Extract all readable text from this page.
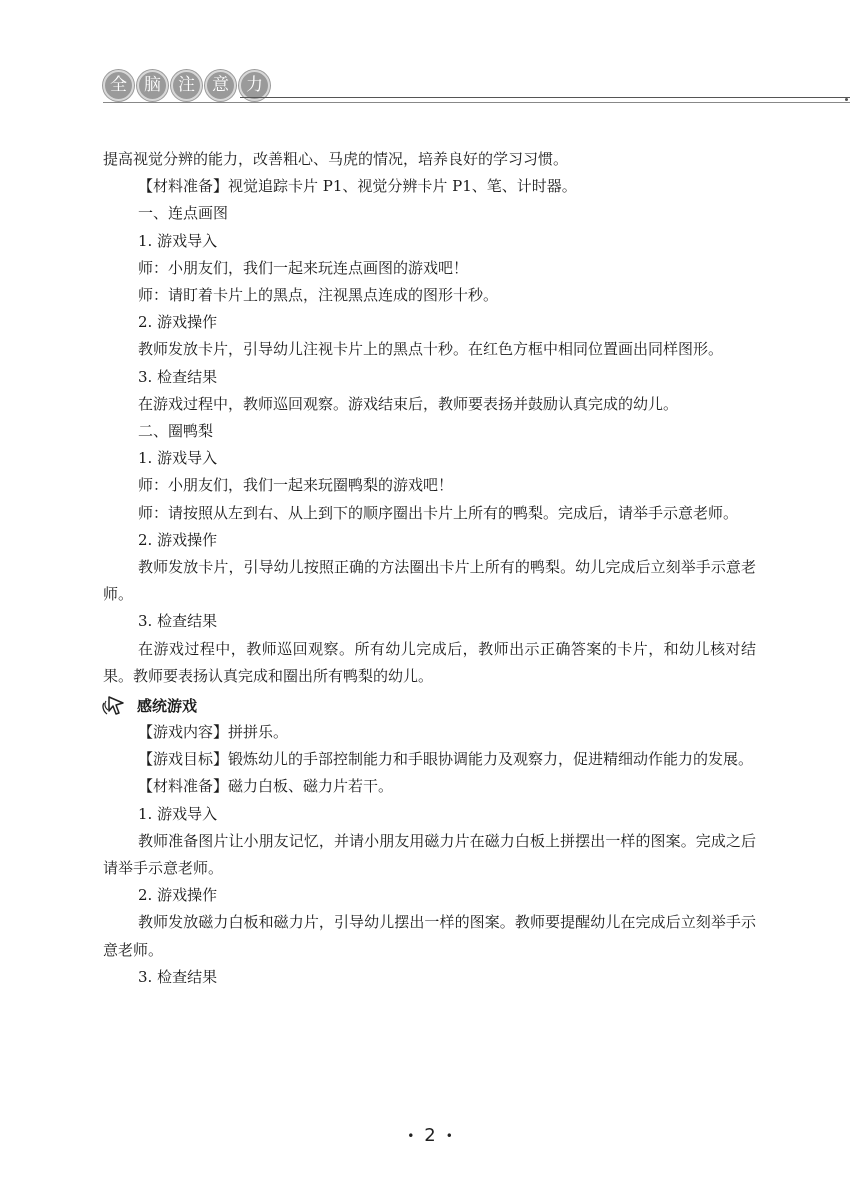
全	脑	注	意	力

提高视觉分辨的能力，改善粗心、马虎的情况，培养良好的学习习惯。

【材料准备】视觉追踪卡片 P1、视觉分辨卡片 P1、笔、计时器。

一、连点画图

1. 游戏导入

师：小朋友们，我们一起来玩连点画图的游戏吧！

师：请盯着卡片上的黑点，注视黑点连成的图形十秒。

2. 游戏操作

教师发放卡片，引导幼儿注视卡片上的黑点十秒。在红色方框中相同位置画出同样图形。

3. 检查结果

在游戏过程中，教师巡回观察。游戏结束后，教师要表扬并鼓励认真完成的幼儿。

二、圈鸭梨

1. 游戏导入

师：小朋友们，我们一起来玩圈鸭梨的游戏吧！

师：请按照从左到右、从上到下的顺序圈出卡片上所有的鸭梨。完成后，请举手示意老师。

2. 游戏操作

教师发放卡片，引导幼儿按照正确的方法圈出卡片上所有的鸭梨。幼儿完成后立刻举手示意老师。

3. 检查结果

在游戏过程中，教师巡回观察。所有幼儿完成后，教师出示正确答案的卡片，和幼儿核对结果。教师要表扬认真完成和圈出所有鸭梨的幼儿。

感统游戏

【游戏内容】拼拼乐。

【游戏目标】锻炼幼儿的手部控制能力和手眼协调能力及观察力，促进精细动作能力的发展。

【材料准备】磁力白板、磁力片若干。

1. 游戏导入

教师准备图片让小朋友记忆，并请小朋友用磁力片在磁力白板上拼摆出一样的图案。完成之后请举手示意老师。

2. 游戏操作

教师发放磁力白板和磁力片，引导幼儿摆出一样的图案。教师要提醒幼儿在完成后立刻举手示意老师。

3. 检查结果

• 2 •
